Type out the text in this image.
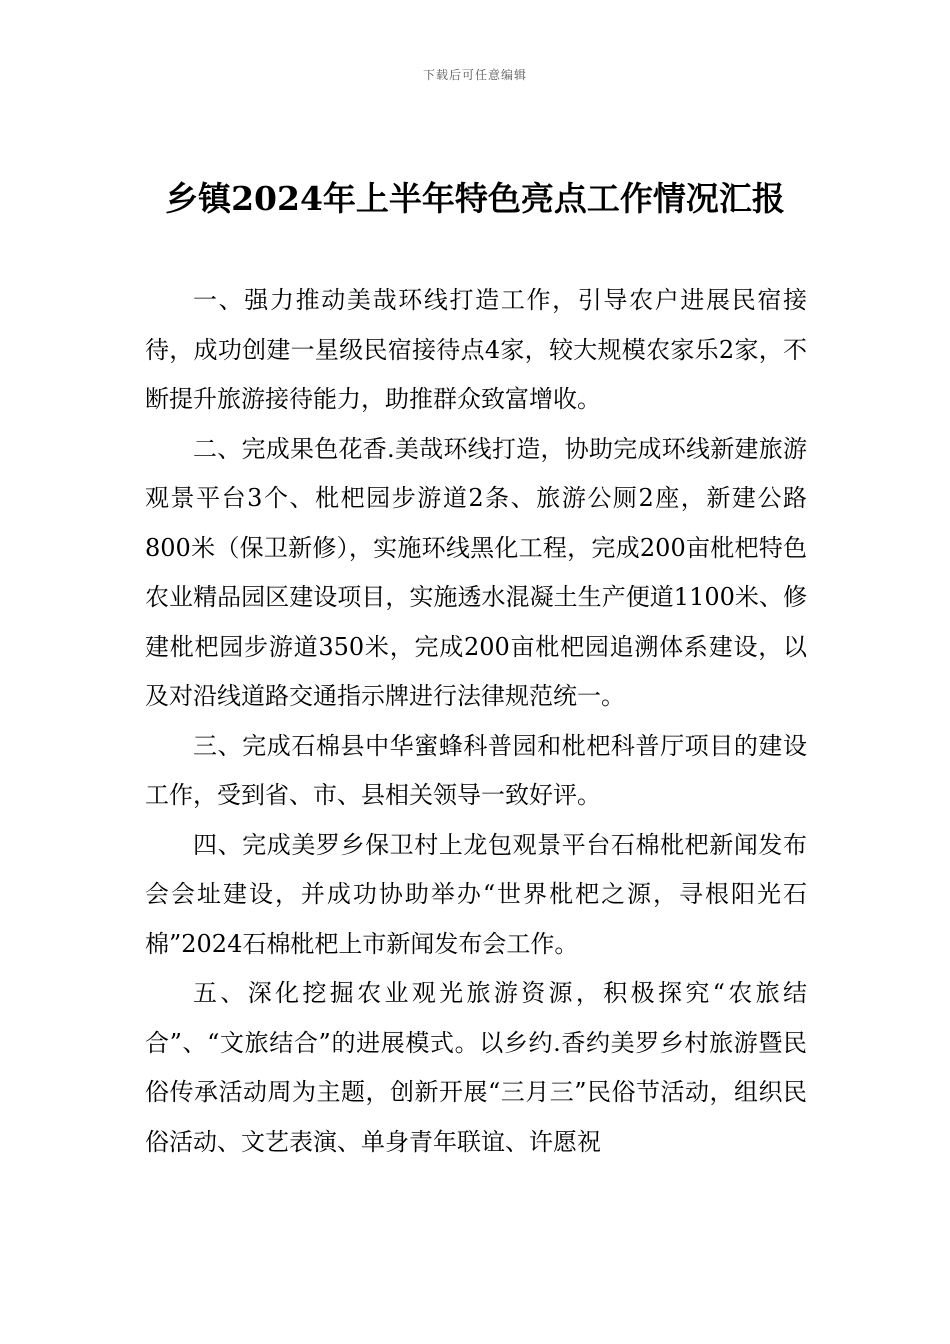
下载后可任意编辑
乡镇2024年上半年特色亮点工作情况汇报

一、强力推动美哉环线打造工作，引导农户进展民宿接待，成功创建一星级民宿接待点4家，较大规模农家乐2家，不断提升旅游接待能力，助推群众致富增收。

二、完成果色花香.美哉环线打造，协助完成环线新建旅游观景平台3个、枇杷园步游道2条、旅游公厕2座，新建公路800米（保卫新修），实施环线黑化工程，完成200亩枇杷特色农业精品园区建设项目，实施透水混凝土生产便道1100米、修建枇杷园步游道350米，完成200亩枇杷园追溯体系建设，以及对沿线道路交通指示牌进行法律规范统一。

三、完成石棉县中华蜜蜂科普园和枇杷科普厅项目的建设工作，受到省、市、县相关领导一致好评。

四、完成美罗乡保卫村上龙包观景平台石棉枇杷新闻发布会会址建设，并成功协助举办“世界枇杷之源，寻根阳光石棉”2024石棉枇杷上市新闻发布会工作。

五、深化挖掘农业观光旅游资源，积极探究“农旅结合”、“文旅结合”的进展模式。以乡约.香约美罗乡村旅游暨民俗传承活动周为主题，创新开展“三月三”民俗节活动，组织民俗活动、文艺表演、单身青年联谊、许愿祝
